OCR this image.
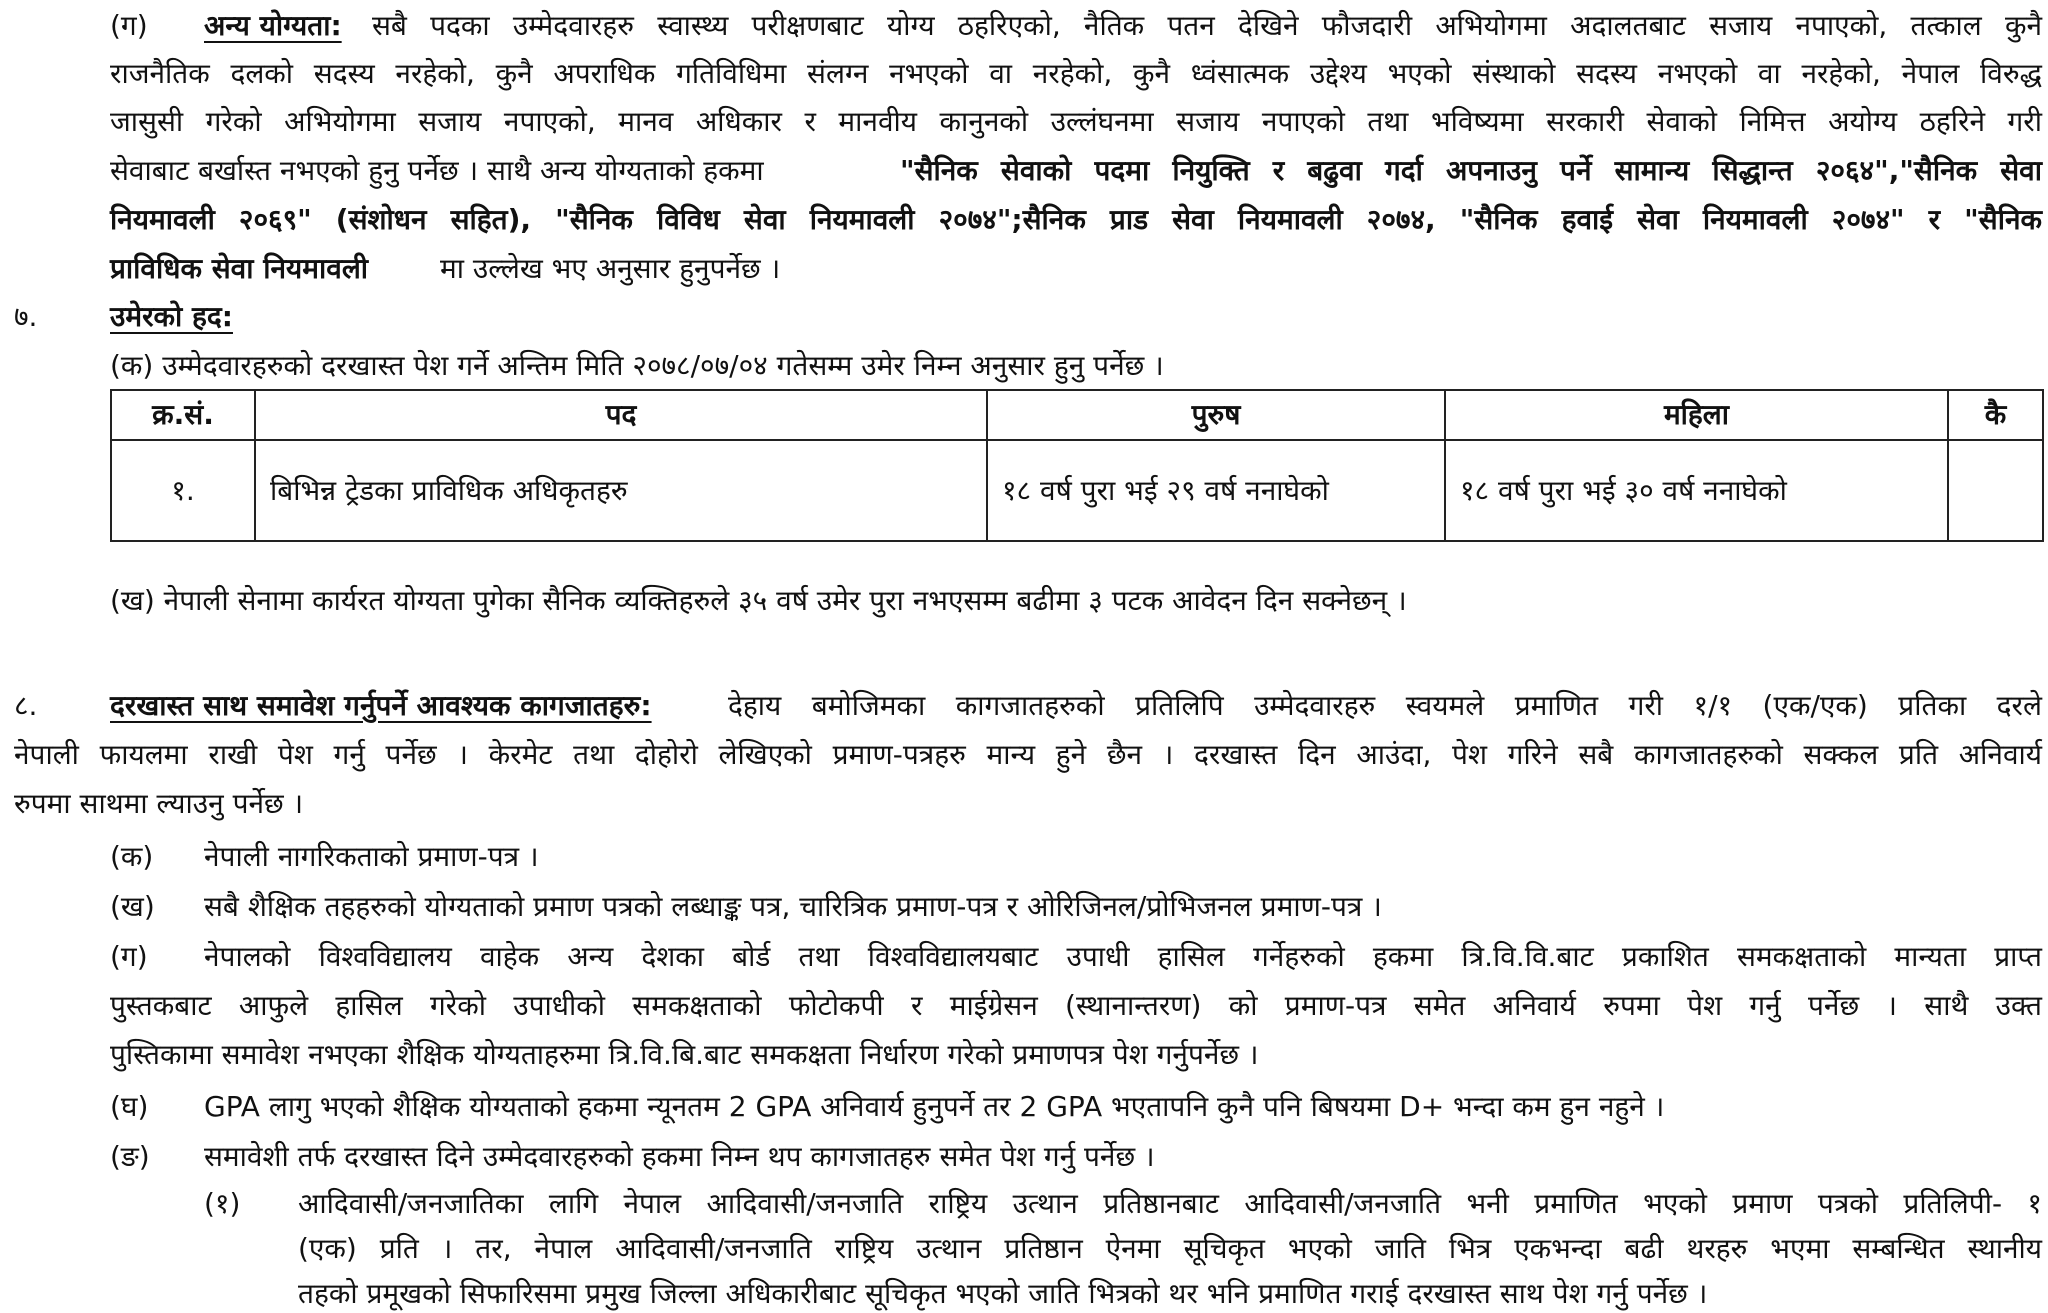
(ग) अन्य योग्यता: सबै पदका उम्मेदवारहरु स्वास्थ्य परीक्षणबाट योग्य ठहरिएको, नैतिक पतन देखिने फौजदारी अभियोगमा अदालतबाट सजाय नपाएको, तत्काल कुनै
राजनैतिक दलको सदस्य नरहेको, कुनै अपराधिक गतिविधिमा संलग्न नभएको वा नरहेको, कुनै ध्वंसात्मक उद्देश्य भएको संस्थाको सदस्य नभएको वा नरहेको, नेपाल विरुद्ध
जासुसी गरेको अभियोगमा सजाय नपाएको, मानव अधिकार र मानवीय कानुनको उल्लंघनमा सजाय नपाएको तथा भविष्यमा सरकारी सेवाको निमित्त अयोग्य ठहरिने गरी
सेवाबाट बर्खास्त नभएको हुनु पर्नेछ । साथै अन्य योग्यताको हकमा	"सैनिक सेवाको पदमा नियुक्ति र बढुवा गर्दा अपनाउनु पर्ने सामान्य सिद्धान्त २०६४","सैनिक सेवा
नियमावली २०६९" (संशोधन सहित), "सैनिक विविध सेवा नियमावली २०७४";सैनिक प्राड सेवा नियमावली २०७४, "सैनिक हवाई सेवा नियमावली २०७४" र "सैनिक
प्राविधिक सेवा नियमावली	मा उल्लेख भए अनुसार हुनुपर्नेछ ।
७.	उमेरको हद:
(क) उम्मेदवारहरुको दरखास्त पेश गर्ने अन्तिम मिति २०७८/०७/०४ गतेसम्म उमेर निम्न अनुसार हुनु पर्नेछ ।
क्र.सं.	पद	पुरुष	महिला	कै
१.	बिभिन्न ट्रेडका प्राविधिक अधिकृतहरु	१८ वर्ष पुरा भई २९ वर्ष ननाघेको	१८ वर्ष पुरा भई ३० वर्ष ननाघेको	
(ख) नेपाली सेनामा कार्यरत योग्यता पुगेका सैनिक व्यक्तिहरुले ३५ वर्ष उमेर पुरा नभएसम्म बढीमा ३ पटक आवेदन दिन सक्नेछन् ।
८.	दरखास्त साथ समावेश गर्नुपर्ने आवश्यक कागजातहरु:	देहाय बमोजिमका कागजातहरुको प्रतिलिपि उम्मेदवारहरु स्वयमले प्रमाणित गरी १/१ (एक/एक) प्रतिका दरले
नेपाली फायलमा राखी पेश गर्नु पर्नेछ । केरमेट तथा दोहोरो लेखिएको प्रमाण-पत्रहरु मान्य हुने छैन । दरखास्त दिन आउंदा, पेश गरिने सबै कागजातहरुको सक्कल प्रति अनिवार्य
रुपमा साथमा ल्याउनु पर्नेछ ।
(क) नेपाली नागरिकताको प्रमाण-पत्र ।
(ख) सबै शैक्षिक तहहरुको योग्यताको प्रमाण पत्रको लब्धाङ्क पत्र, चारित्रिक प्रमाण-पत्र र ओरिजिनल/प्रोभिजनल प्रमाण-पत्र ।
(ग) नेपालको विश्वविद्यालय वाहेक अन्य देशका बोर्ड तथा विश्वविद्यालयबाट उपाधी हासिल गर्नेहरुको हकमा त्रि.वि.वि.बाट प्रकाशित समकक्षताको मान्यता प्राप्त
पुस्तकबाट आफुले हासिल गरेको उपाधीको समकक्षताको फोटोकपी र माईग्रेसन (स्थानान्तरण) को प्रमाण-पत्र समेत अनिवार्य रुपमा पेश गर्नु पर्नेछ । साथै उक्त
पुस्तिकामा समावेश नभएका शैक्षिक योग्यताहरुमा त्रि.वि.बि.बाट समकक्षता निर्धारण गरेको प्रमाणपत्र पेश गर्नुपर्नेछ ।
(घ) GPA लागु भएको शैक्षिक योग्यताको हकमा न्यूनतम 2 GPA अनिवार्य हुनुपर्ने तर 2 GPA भएतापनि कुनै पनि बिषयमा D+ भन्दा कम हुन नहुने ।
(ङ) समावेशी तर्फ दरखास्त दिने उम्मेदवारहरुको हकमा निम्न थप कागजातहरु समेत पेश गर्नु पर्नेछ ।
(१) आदिवासी/जनजातिका लागि नेपाल आदिवासी/जनजाति राष्ट्रिय उत्थान प्रतिष्ठानबाट आदिवासी/जनजाति भनी प्रमाणित भएको प्रमाण पत्रको प्रतिलिपी- १
(एक) प्रति । तर, नेपाल आदिवासी/जनजाति राष्ट्रिय उत्थान प्रतिष्ठान ऐनमा सूचिकृत भएको जाति भित्र एकभन्दा बढी थरहरु भएमा सम्बन्धित स्थानीय
तहको प्रमूखको सिफारिसमा प्रमुख जिल्ला अधिकारीबाट सूचिकृत भएको जाति भित्रको थर भनि प्रमाणित गराई दरखास्त साथ पेश गर्नु पर्नेछ ।
